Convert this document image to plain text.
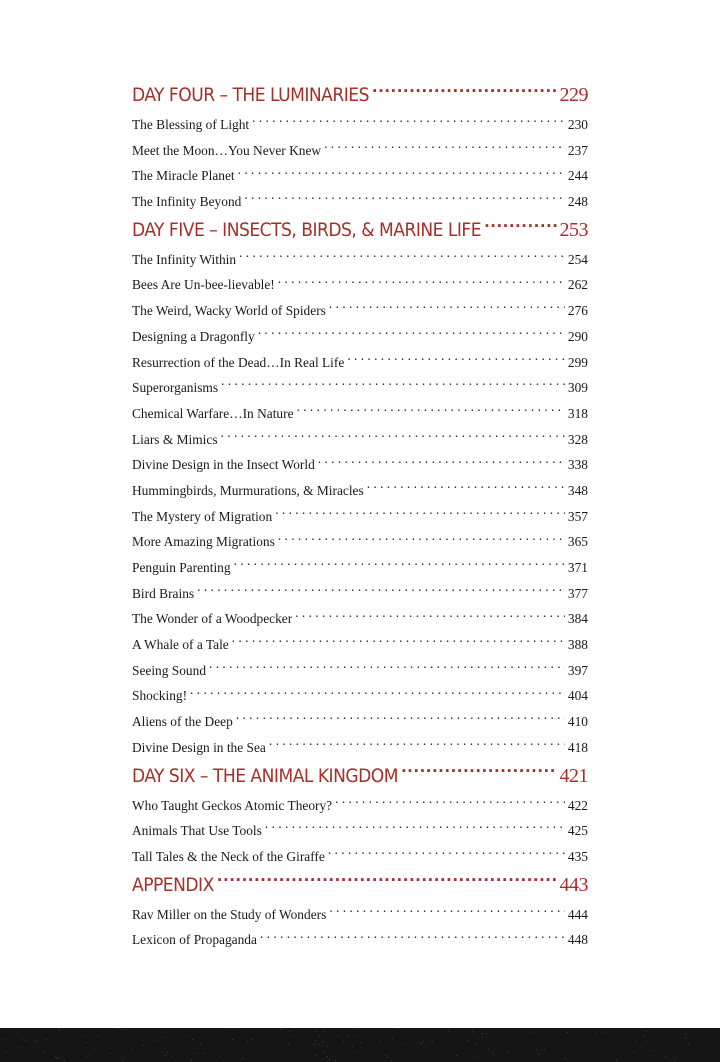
DAY FOUR – THE LUMINARIES .....	229
The Blessing of Light . . .	230
Meet the Moon…You Never Knew . . .	237
The Miracle Planet . . .	244
The Infinity Beyond . . .	248
DAY FIVE – INSECTS, BIRDS, & MARINE LIFE .....	253
The Infinity Within . . .	254
Bees Are Un-bee-lievable! . . .	262
The Weird, Wacky World of Spiders . . .	276
Designing a Dragonfly . . .	290
Resurrection of the Dead…In Real Life . . .	299
Superorganisms . . .	309
Chemical Warfare…In Nature . . .	318
Liars & Mimics . . .	328
Divine Design in the Insect World . . .	338
Hummingbirds, Murmurations, & Miracles . . .	348
The Mystery of Migration . . .	357
More Amazing Migrations . . .	365
Penguin Parenting . . .	371
Bird Brains . . .	377
The Wonder of a Woodpecker . . .	384
A Whale of a Tale . . .	388
Seeing Sound . . .	397
Shocking! . . .	404
Aliens of the Deep . . .	410
Divine Design in the Sea . . .	418
DAY SIX – THE ANIMAL KINGDOM .....	421
Who Taught Geckos Atomic Theory? . . .	422
Animals That Use Tools . . .	425
Tall Tales & the Neck of the Giraffe . . .	435
APPENDIX .....	443
Rav Miller on the Study of Wonders . . .	444
Lexicon of Propaganda . . .	448
